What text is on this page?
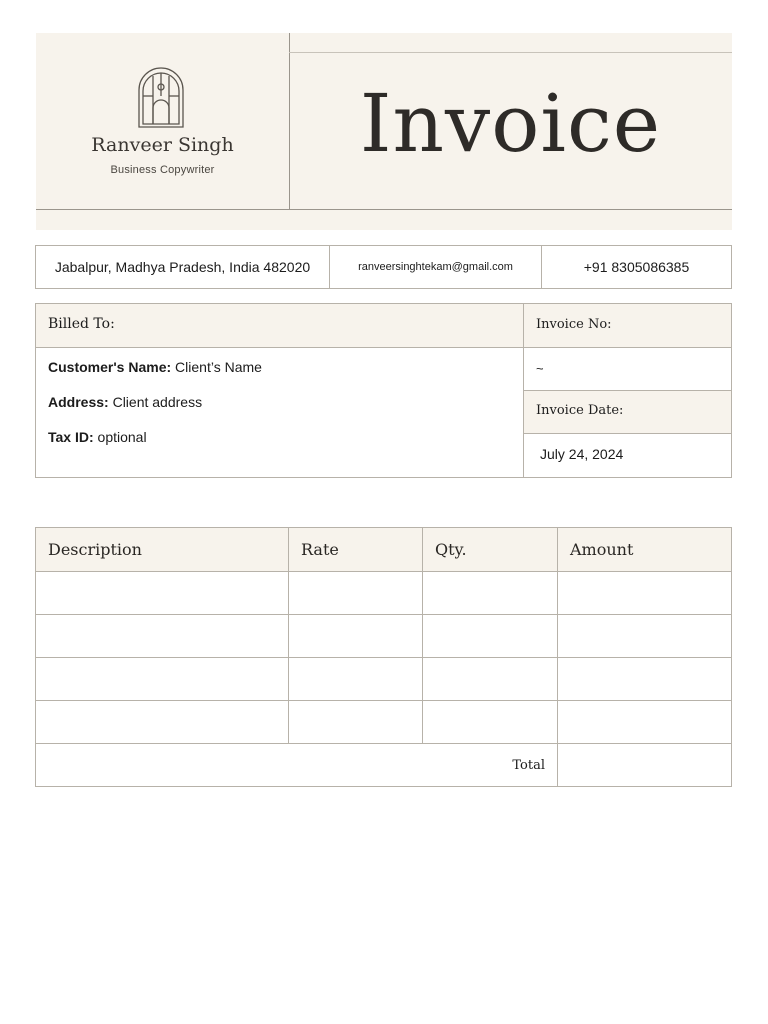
Ranveer Singh
Business Copywriter	Invoice
Jabalpur, Madhya Pradesh, India 482020	ranveersinghtekam@gmail.com	+91 8305086385
Billed To:
Customer's Name: Client’s Name
Address: Client address
Tax ID: optional
Invoice No:
~
Invoice Date:
July 24, 2024
Description	Rate	Qty.	Amount

Total			
